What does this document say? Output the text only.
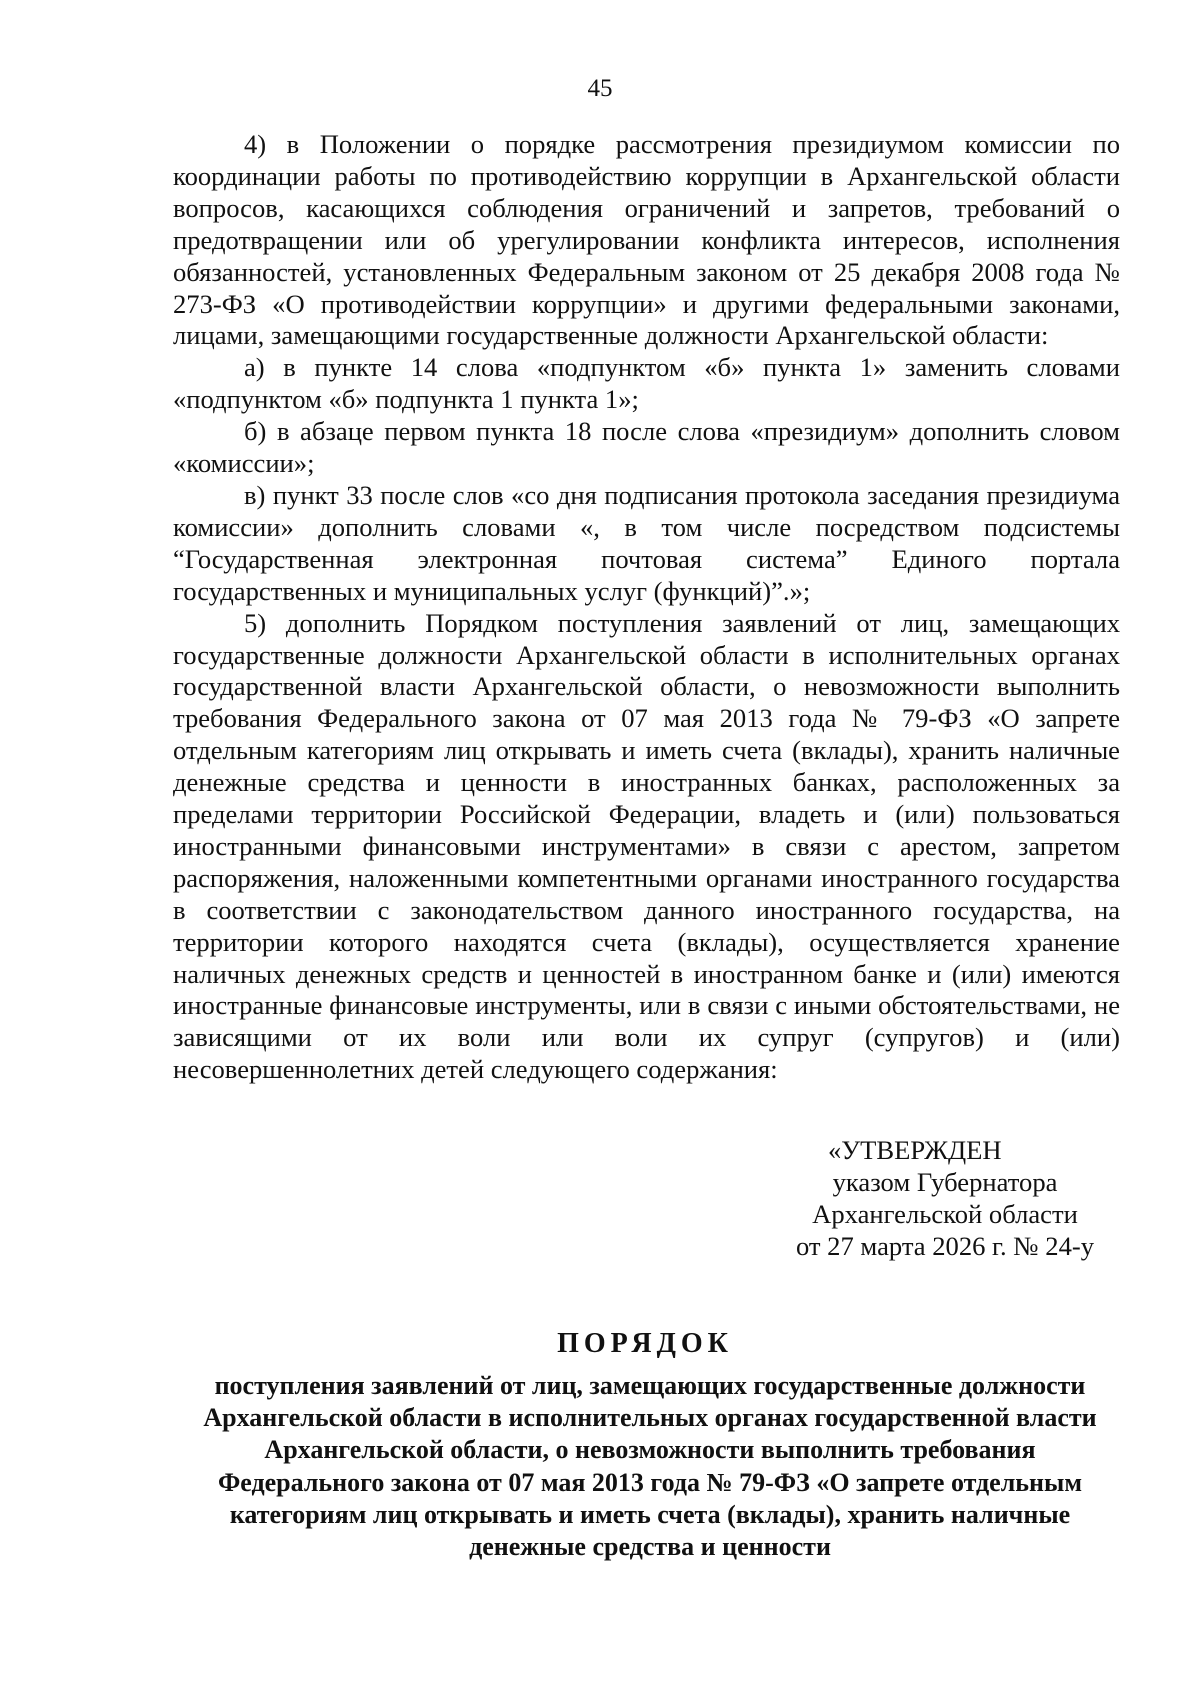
45

4) в Положении о порядке рассмотрения президиумом комиссии по координации работы по противодействию коррупции в Архангельской области вопросов, касающихся соблюдения ограничений и запретов, требований о предотвращении или об урегулировании конфликта интересов, исполнения обязанностей, установленных Федеральным законом от 25 декабря 2008 года № 273-ФЗ «О противодействии коррупции» и другими федеральными законами, лицами, замещающими государственные должности Архангельской области:

а) в пункте 14 слова «подпунктом «б» пункта 1» заменить словами «подпунктом «б» подпункта 1 пункта 1»;

б) в абзаце первом пункта 18 после слова «президиум» дополнить словом «комиссии»;

в) пункт 33 после слов «со дня подписания протокола заседания президиума комиссии» дополнить словами «, в том числе посредством подсистемы “Государственная электронная почтовая система” Единого портала государственных и муниципальных услуг (функций)”.»;

5) дополнить Порядком поступления заявлений от лиц, замещающих государственные должности Архангельской области в исполнительных органах государственной власти Архангельской области, о невозможности выполнить требования Федерального закона от 07 мая 2013 года № 79-ФЗ «О запрете отдельным категориям лиц открывать и иметь счета (вклады), хранить наличные денежные средства и ценности в иностранных банках, расположенных за пределами территории Российской Федерации, владеть и (или) пользоваться иностранными финансовыми инструментами» в связи с арестом, запретом распоряжения, наложенными компетентными органами иностранного государства в соответствии с законодательством данного иностранного государства, на территории которого находятся счета (вклады), осуществляется хранение наличных денежных средств и ценностей в иностранном банке и (или) имеются иностранные финансовые инструменты, или в связи с иными обстоятельствами, не зависящими от их воли или воли их супруг (супругов) и (или) несовершеннолетних детей следующего содержания:

«УТВЕРЖДЕН
указом Губернатора
Архангельской области
от 27 марта 2026 г. № 24-у
ПОРЯДОК
поступления заявлений от лиц, замещающих государственные должности Архангельской области в исполнительных органах государственной власти Архангельской области, о невозможности выполнить требования Федерального закона от 07 мая 2013 года № 79-ФЗ «О запрете отдельным категориям лиц открывать и иметь счета (вклады), хранить наличные денежные средства и ценности
